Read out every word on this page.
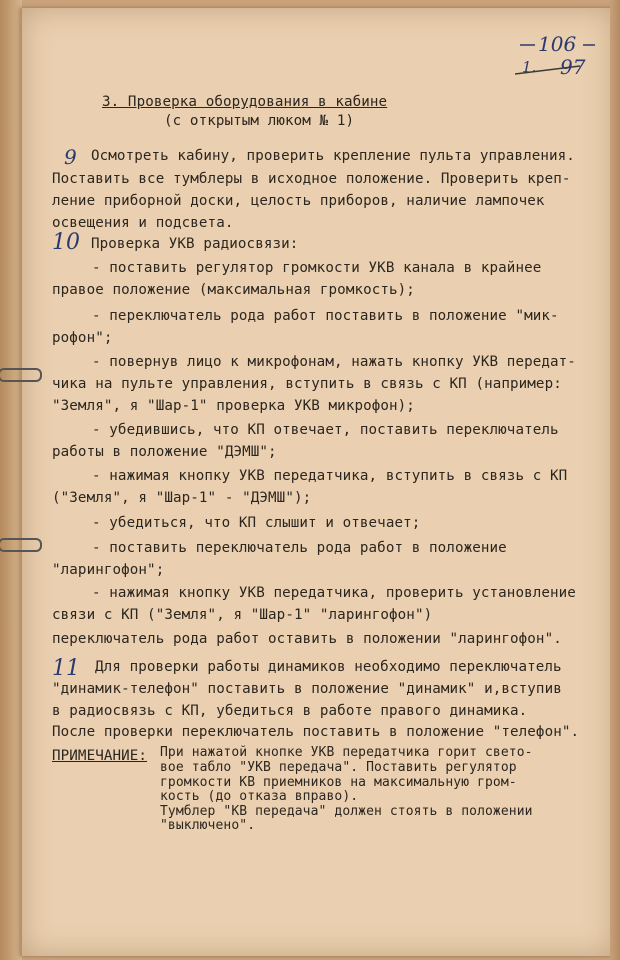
106
1. 97
3. Проверка оборудования в кабине
(с открытым люком № 1)
9 Осмотреть кабину, проверить крепление пульта управления.
Поставить все тумблеры в исходное положение. Проверить креп-
ление приборной доски, целость приборов, наличие лампочек
освещения и подсвета.
10 Проверка УКВ радиосвязи:
- поставить регулятор громкости УКВ канала в крайнее
правое положение (максимальная громкость);
- переключатель рода работ поставить в положение "мик-
рофон";
- повернув лицо к микрофонам, нажать кнопку УКВ передат-
чика на пульте управления, вступить в связь с КП (например:
"Земля", я "Шар-1" проверка УКВ микрофон);
- убедившись, что КП отвечает, поставить переключатель
работы в положение "ДЭМШ";
- нажимая кнопку УКВ передатчика, вступить в связь с КП
("Земля", я "Шар-1" - "ДЭМШ");
- убедиться, что КП слышит и отвечает;
- поставить переключатель рода работ в положение
"ларингофон";
- нажимая кнопку УКВ передатчика, проверить установление
связи с КП ("Земля", я "Шар-1" "ларингофон")
переключатель рода работ оставить в положении "ларингофон".
11 Для проверки работы динамиков необходимо переключатель
"динамик-телефон" поставить в положение "динамик" и,вступив
в радиосвязь с КП, убедиться в работе правого динамика.
После проверки переключатель поставить в положение "телефон".
ПРИМЕЧАНИЕ: При нажатой кнопке УКВ передатчика горит свето-
вое табло "УКВ передача". Поставить регулятор
громкости КВ приемников на максимальную гром-
кость (до отказа вправо).
Тумблер "КВ передача" должен стоять в положении
"выключено".
